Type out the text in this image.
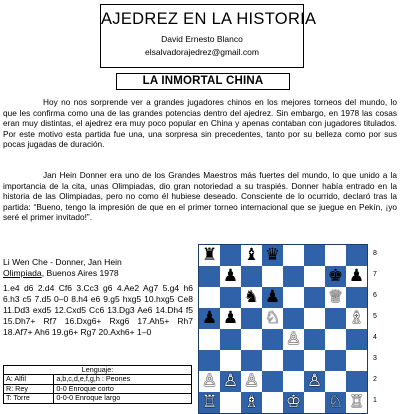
AJEDREZ EN LA HISTORIA
David Ernesto Blanco
elsalvadorajedrez@gmail.com
LA INMORTAL CHINA

Hoy no nos sorprende ver a grandes jugadores chinos en los mejores torneos del mundo, lo que les confirma como una de las grandes potencias dentro del ajedrez. Sin embargo, en 1978 las cosas eran muy distintas, el ajedrez era muy poco popular en China y apenas contaban con jugadores titulados. Por este motivo esta partida fue una, una sorpresa sin precedentes, tanto por su belleza como por sus pocas jugadas de duración.

Jan Hein Donner era uno de los Grandes Maestros más fuertes del mundo, lo que unido a la importancia de la cita, unas Olimpiadas, dio gran notoriedad a su traspiés. Donner había entrado en la historia de las Olimpiadas, pero no como él hubiese deseado. Consciente de lo ocurrido, declaró tras la partida: “Bueno, tengo la impresión de que en el primer torneo internacional que se juegue en Pekín, ¡yo seré el primer invitado!”.

Li Wen Che - Donner, Jan Hein
Olimpiada, Buenos Aires 1978

1.e4 d6 2.d4 Cf6 3.Cc3 g6 4.Ae2 Ag7 5.g4 h6 6.h3 c5 7.d5 0–0 8.h4 e6 9.g5 hxg5 10.hxg5 Ce8 11.Dd3 exd5 12.Cxd5 Cc6 13.Dg3 Ae6 14.Dh4 f5 15.Dh7+ Rf7 16.Dxg6+ Rxg6 17.Ah5+ Rh7 18.Af7+ Ah6 19.g6+ Rg7 20.Axh6+ 1–0

Lenguaje:	
A: Alfil	a,b,c,d,e,f,g,h : Peones
R: Rey	0-0 Enroque corto
T: Torre	0-0-0 Enroque largo
♜ ♝ ♛
♟	♚ ♟
♞ ♟	♕
♟ ♟ ♘	♗
♙
♙ ♙ ♙	♙
♖ ♗ ♔ ♘ ♖
8
7
6
5
4
3
2
1
